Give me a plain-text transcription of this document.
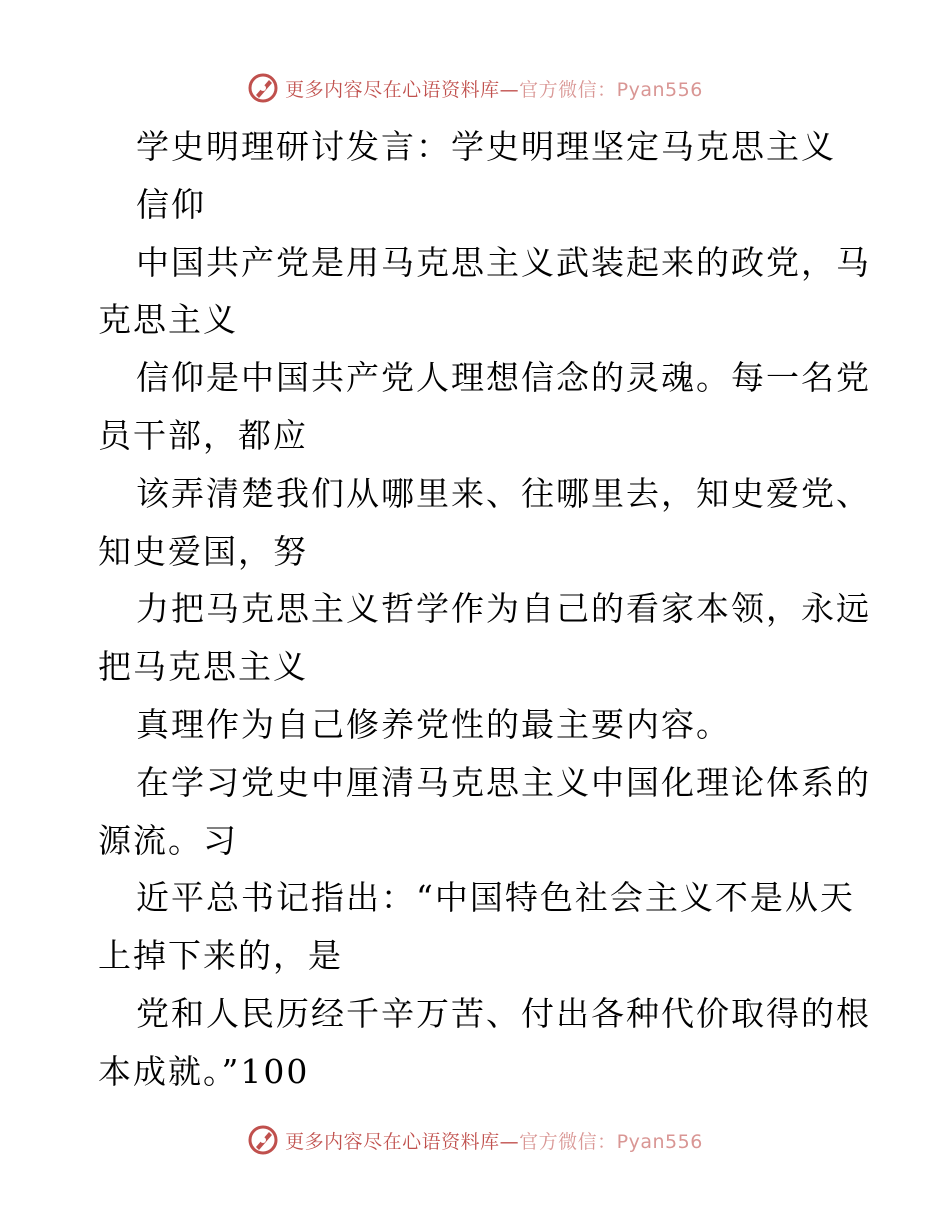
更多内容尽在心语资料库—官方微信：Pyan556
学史明理研讨发言：学史明理坚定马克思主义
信仰
中国共产党是用马克思主义武装起来的政党，马
克思主义
信仰是中国共产党人理想信念的灵魂。每一名党
员干部，都应
该弄清楚我们从哪里来、往哪里去，知史爱党、
知史爱国，努
力把马克思主义哲学作为自己的看家本领，永远
把马克思主义
真理作为自己修养党性的最主要内容。
在学习党史中厘清马克思主义中国化理论体系的
源流。习
近平总书记指出：“中国特色社会主义不是从天
上掉下来的，是
党和人民历经千辛万苦、付出各种代价取得的根
本成就。”100
更多内容尽在心语资料库—官方微信：Pyan556
